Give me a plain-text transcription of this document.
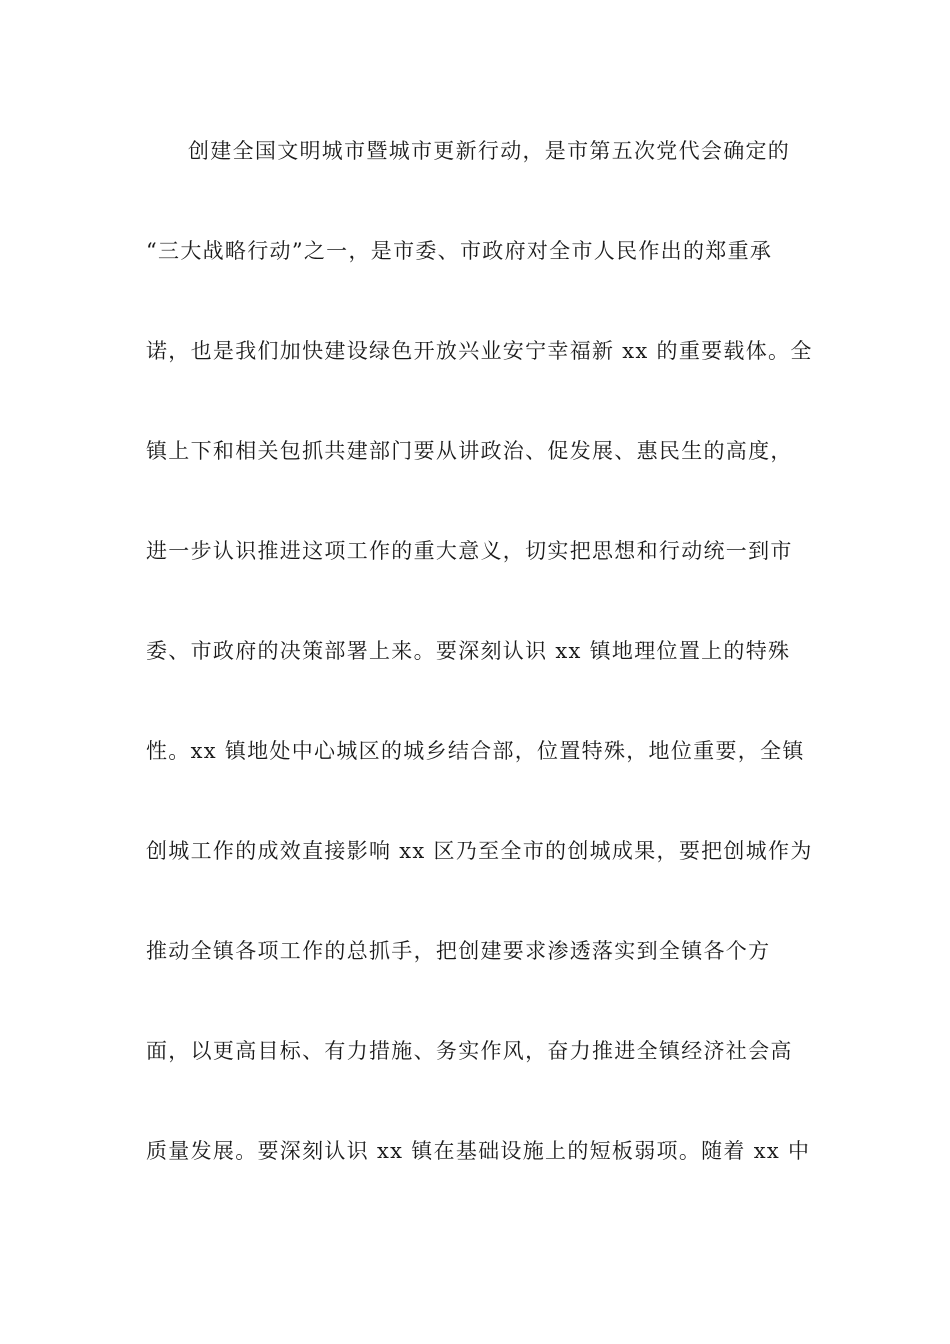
创建全国文明城市暨城市更新行动，是市第五次党代会确定的
“三大战略行动”之一，是市委、市政府对全市人民作出的郑重承
诺，也是我们加快建设绿色开放兴业安宁幸福新 xx 的重要载体。全
镇上下和相关包抓共建部门要从讲政治、促发展、惠民生的高度，
进一步认识推进这项工作的重大意义，切实把思想和行动统一到市
委、市政府的决策部署上来。要深刻认识 xx 镇地理位置上的特殊
性。xx 镇地处中心城区的城乡结合部，位置特殊，地位重要，全镇
创城工作的成效直接影响 xx 区乃至全市的创城成果，要把创城作为
推动全镇各项工作的总抓手，把创建要求渗透落实到全镇各个方
面，以更高目标、有力措施、务实作风，奋力推进全镇经济社会高
质量发展。要深刻认识 xx 镇在基础设施上的短板弱项。随着 xx 中
